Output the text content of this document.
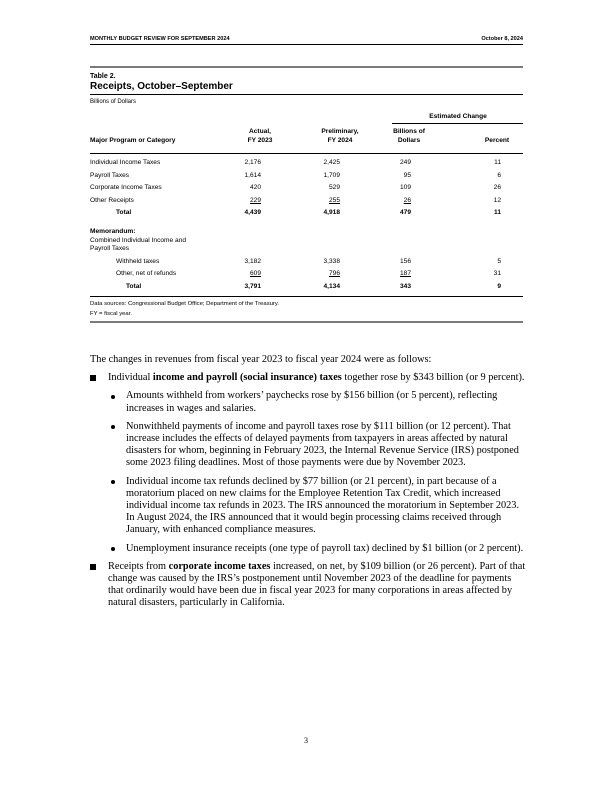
MONTHLY BUDGET REVIEW FOR SEPTEMBER 2024	October 8, 2024
Table 2.
Receipts, October–September
Billions of Dollars
Estimated Change
Major Program or Category
Actual,
FY 2023
Preliminary,
FY 2024
Billions of
Dollars	Percent
Individual Income Taxes	2,176	2,425	249	11
Payroll Taxes	1,614	1,709	95	6
Corporate Income Taxes	420	529	109	26
Other Receipts	229	255	26	12
Total	4,439	4,918	479	11
Memorandum:
Combined Individual Income and
Payroll Taxes
Withheld taxes	3,182	3,338	156	5
Other, net of refunds	609	796	187	31
Total	3,791	4,134	343	9
Data sources: Congressional Budget Office; Department of the Treasury.
FY = fiscal year.

The changes in revenues from fiscal year 2023 to fiscal year 2024 were as follows:

Individual income and payroll (social insurance) taxes together rose by $343 billion (or 9 percent).
Amounts withheld from workers’ paychecks rose by $156 billion (or 5 percent), reflecting increases in wages and salaries.
Nonwithheld payments of income and payroll taxes rose by $111 billion (or 12 percent). That increase includes the effects of delayed payments from taxpayers in areas affected by natural disasters for whom, beginning in February 2023, the Internal Revenue Service (IRS) postponed some 2023 filing deadlines. Most of those payments were due by November 2023.
Individual income tax refunds declined by $77 billion (or 21 percent), in part because of a moratorium placed on new claims for the Employee Retention Tax Credit, which increased individual income tax refunds in 2023. The IRS announced the moratorium in September 2023. In August 2024, the IRS announced that it would begin processing claims received through January, with enhanced compliance measures.
Unemployment insurance receipts (one type of payroll tax) declined by $1 billion (or 2 percent).
Receipts from corporate income taxes increased, on net, by $109 billion (or 26 percent). Part of that change was caused by the IRS’s postponement until November 2023 of the deadline for payments that ordinarily would have been due in fiscal year 2023 for many corporations in areas affected by natural disasters, particularly in California.
3
